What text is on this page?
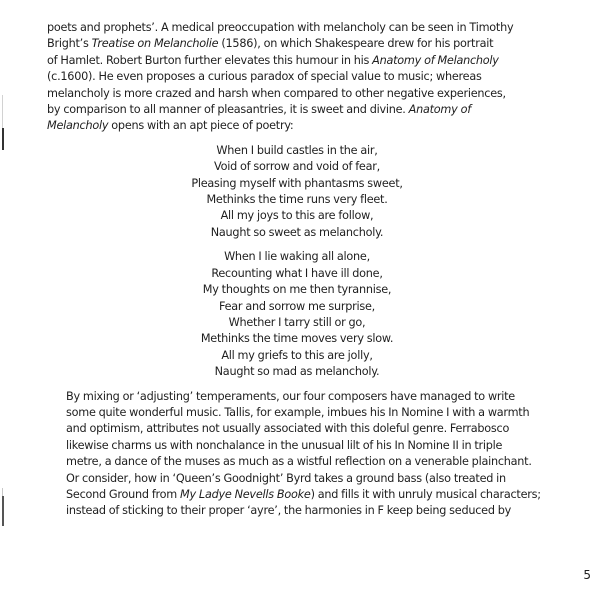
poets and prophets’. A medical preoccupation with melancholy can be seen in Timothy
Bright’s Treatise on Melancholie (1586), on which Shakespeare drew for his portrait
of Hamlet. Robert Burton further elevates this humour in his Anatomy of Melancholy
(c.1600). He even proposes a curious paradox of special value to music; whereas
melancholy is more crazed and harsh when compared to other negative experiences,
by comparison to all manner of pleasantries, it is sweet and divine. Anatomy of
Melancholy opens with an apt piece of poetry:

When I build castles in the air,
Void of sorrow and void of fear,
Pleasing myself with phantasms sweet,
Methinks the time runs very fleet.
All my joys to this are follow,
Naught so sweet as melancholy.
When I lie waking all alone,
Recounting what I have ill done,
My thoughts on me then tyrannise,
Fear and sorrow me surprise,
Whether I tarry still or go,
Methinks the time moves very slow.
All my griefs to this are jolly,
Naught so mad as melancholy.

By mixing or ‘adjusting’ temperaments, our four composers have managed to write
some quite wonderful music. Tallis, for example, imbues his In Nomine I with a warmth
and optimism, attributes not usually associated with this doleful genre. Ferrabosco
likewise charms us with nonchalance in the unusual lilt of his In Nomine II in triple
metre, a dance of the muses as much as a wistful reflection on a venerable plainchant.
Or consider, how in ‘Queen’s Goodnight’ Byrd takes a ground bass (also treated in
Second Ground from My Ladye Nevells Booke) and fills it with unruly musical characters;
instead of sticking to their proper ‘ayre’, the harmonies in F keep being seduced by

5
